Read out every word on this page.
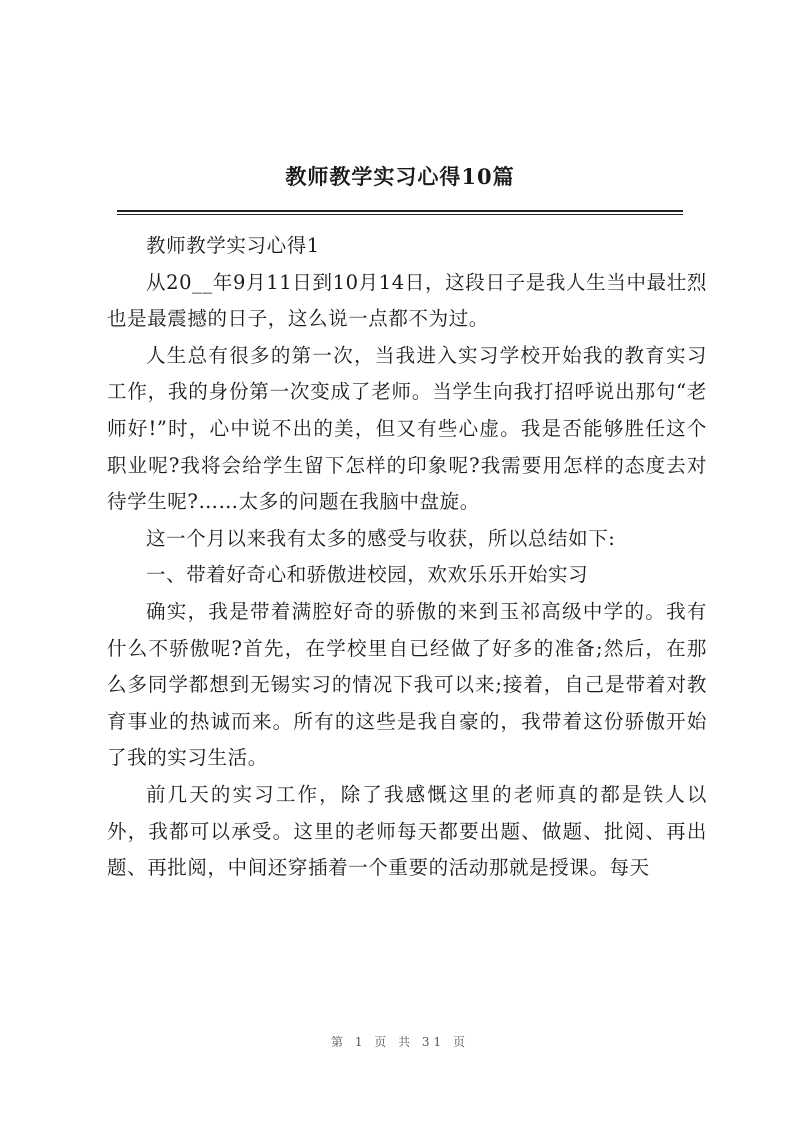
教师教学实习心得10篇

教师教学实习心得1

从20__年9月11日到10月14日，这段日子是我人生当中最壮烈也是最震撼的日子，这么说一点都不为过。

人生总有很多的第一次，当我进入实习学校开始我的教育实习工作，我的身份第一次变成了老师。当学生向我打招呼说出那句“老师好!”时，心中说不出的美，但又有些心虚。我是否能够胜任这个职业呢?我将会给学生留下怎样的印象呢?我需要用怎样的态度去对待学生呢?……太多的问题在我脑中盘旋。

这一个月以来我有太多的感受与收获，所以总结如下:

一、带着好奇心和骄傲进校园，欢欢乐乐开始实习

确实，我是带着满腔好奇的骄傲的来到玉祁高级中学的。我有什么不骄傲呢?首先，在学校里自已经做了好多的准备;然后，在那么多同学都想到无锡实习的情况下我可以来;接着，自己是带着对教育事业的热诚而来。所有的这些是我自豪的，我带着这份骄傲开始了我的实习生活。

前几天的实习工作，除了我感慨这里的老师真的都是铁人以外，我都可以承受。这里的老师每天都要出题、做题、批阅、再出题、再批阅，中间还穿插着一个重要的活动那就是授课。每天

第 1 页 共 31 页
